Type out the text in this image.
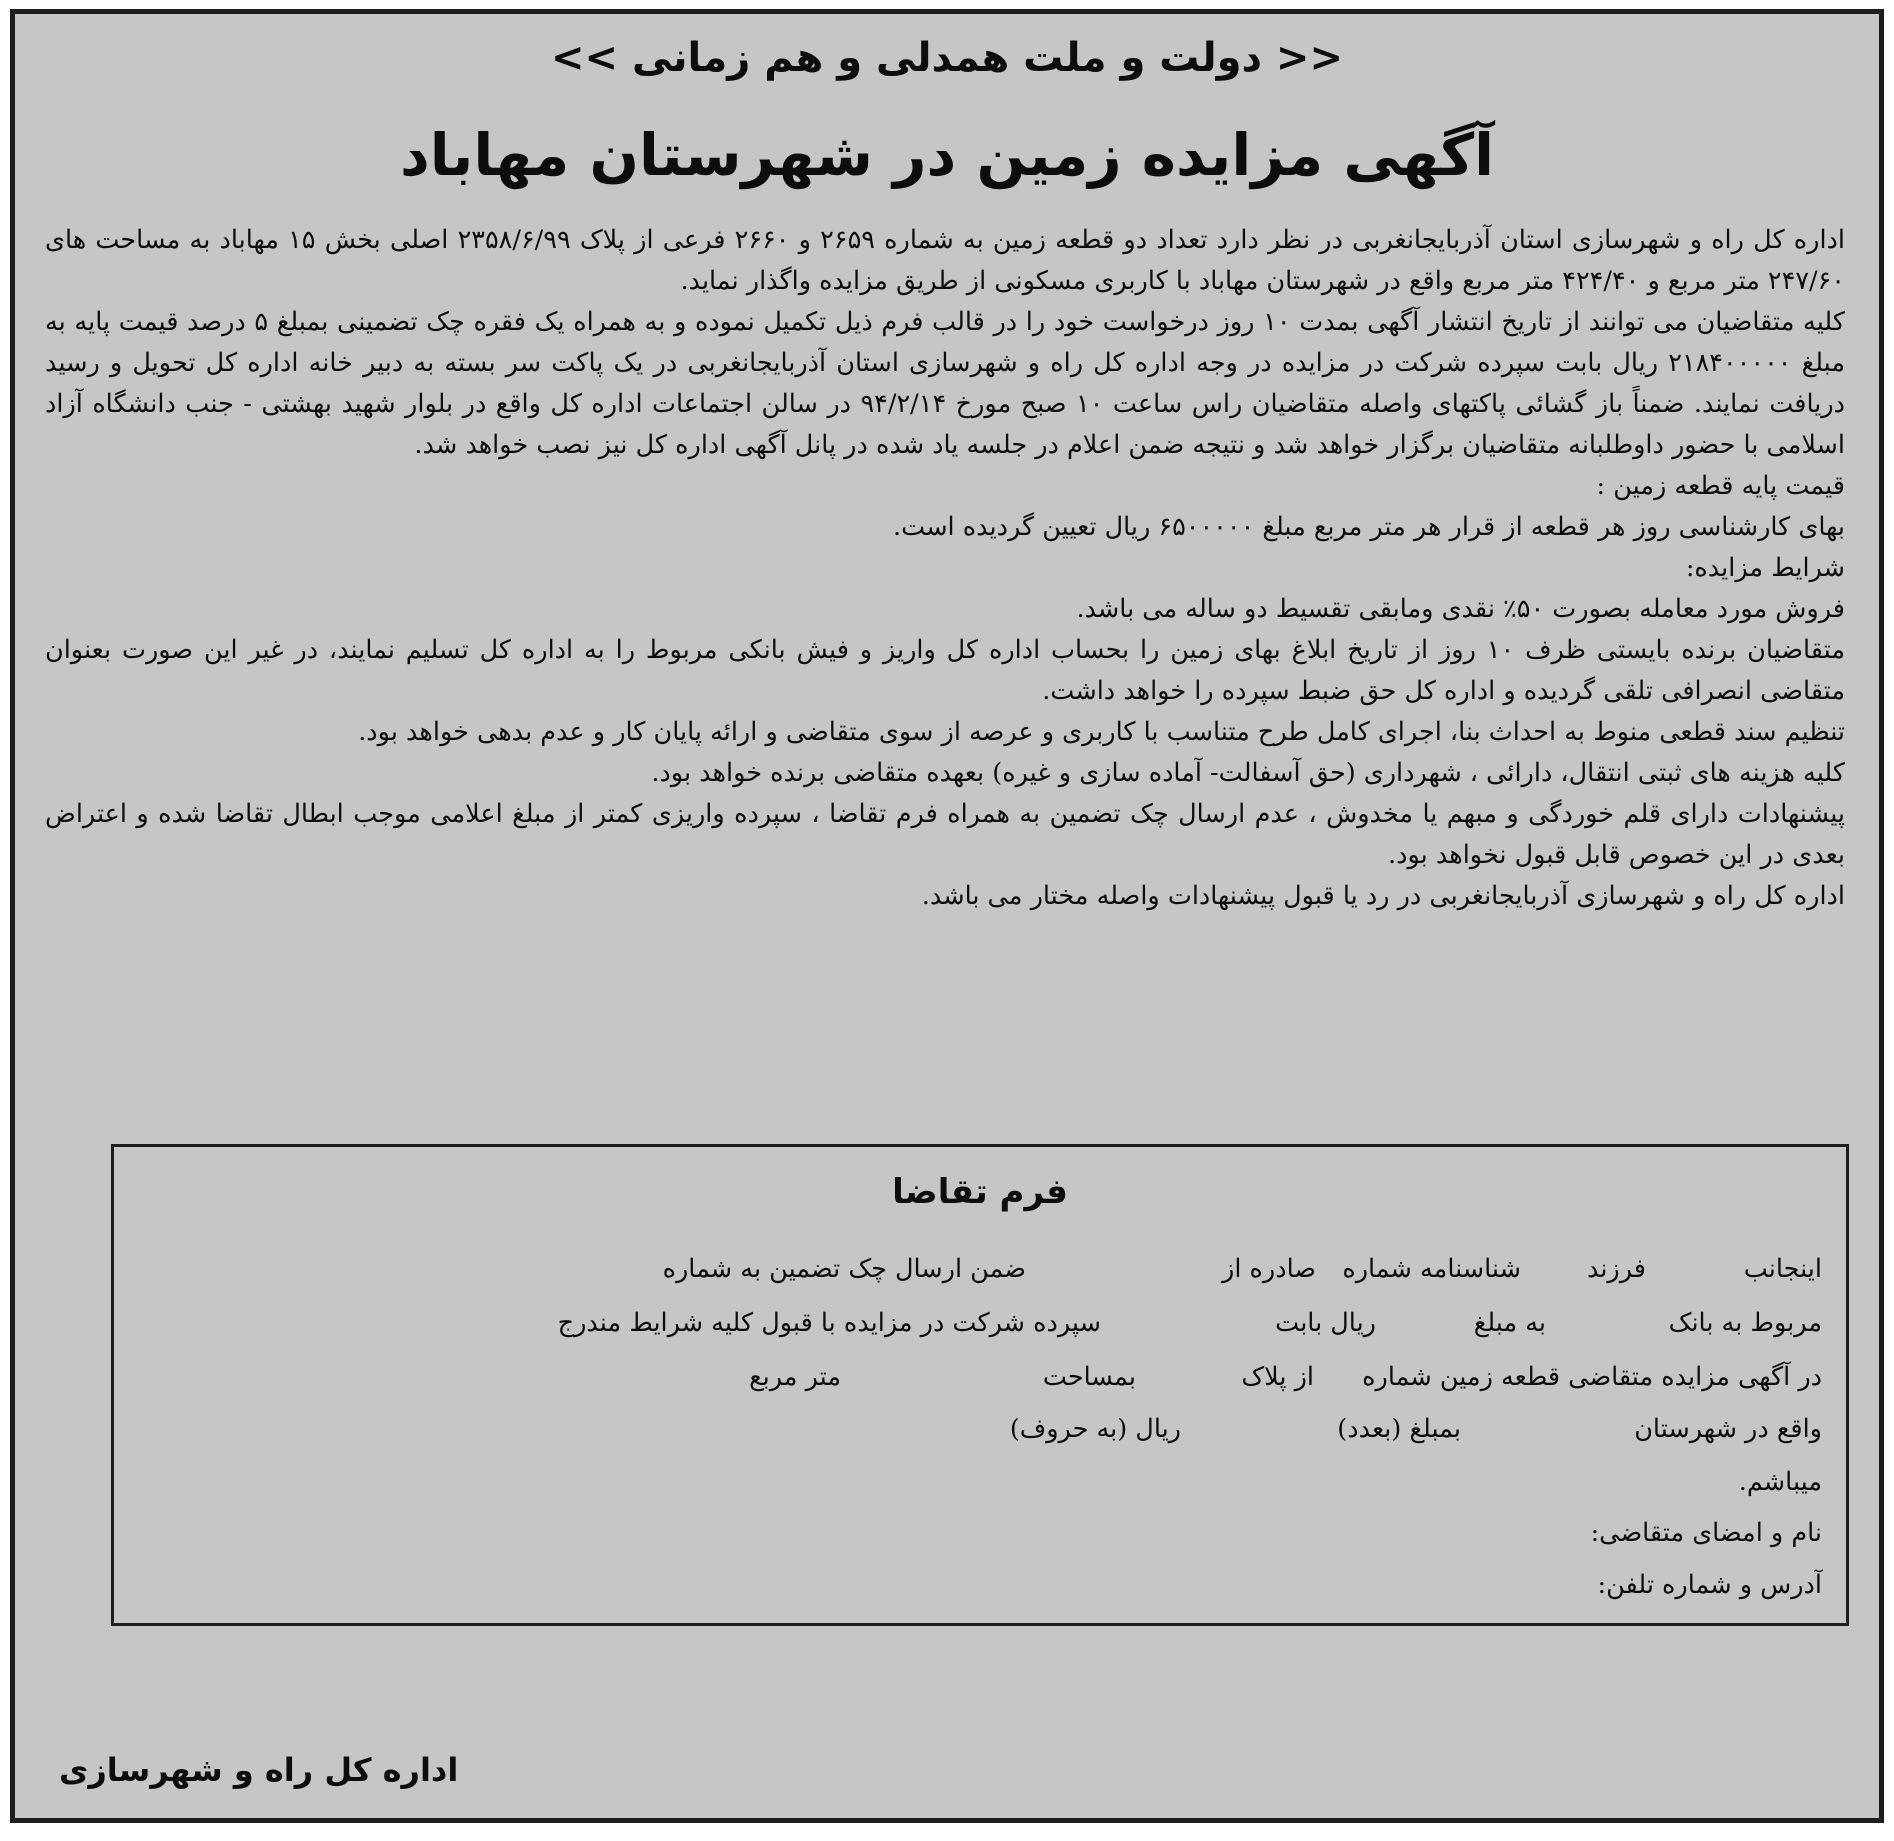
<< دولت و ملت همدلی و هم زمانی >>
آگهی مزایده زمین در شهرستان مهاباد

اداره کل راه و شهرسازی استان آذربایجانغربی در نظر دارد تعداد دو قطعه زمین به شماره ۲۶۵۹ و ۲۶۶۰ فرعی از پلاک ۲۳۵۸/۶/۹۹ اصلی بخش ۱۵ مهاباد به مساحت های ۲۴۷/۶۰ متر مربع و ۴۲۴/۴۰ متر مربع واقع در شهرستان مهاباد با کاربری مسکونی از طریق مزایده واگذار نماید.

کلیه متقاضیان می توانند از تاریخ انتشار آگهی بمدت ۱۰ روز درخواست خود را در قالب فرم ذیل تکمیل نموده و به همراه یک فقره چک تضمینی بمبلغ ۵ درصد قیمت پایه به مبلغ ۲۱۸۴۰۰۰۰۰ ریال بابت سپرده شرکت در مزایده در وجه اداره کل راه و شهرسازی استان آذربایجانغربی در یک پاکت سر بسته به دبیر خانه اداره کل تحویل و رسید دریافت نمایند. ضمناً باز گشائی پاکتهای واصله متقاضیان راس ساعت ۱۰ صبح مورخ ۹۴/۲/۱۴ در سالن اجتماعات اداره کل واقع در بلوار شهید بهشتی - جنب دانشگاه آزاد اسلامی با حضور داوطلبانه متقاضیان برگزار خواهد شد و نتیجه ضمن اعلام در جلسه یاد شده در پانل آگهی اداره کل نیز نصب خواهد شد.

قیمت پایه قطعه زمین :

بهای کارشناسی روز هر قطعه از قرار هر متر مربع مبلغ ۶۵۰۰۰۰۰ ریال تعیین گردیده است.

شرایط مزایده:

فروش مورد معامله بصورت ۵۰٪ نقدی ومابقی تقسیط دو ساله می باشد.

متقاضیان برنده بایستی ظرف ۱۰ روز از تاریخ ابلاغ بهای زمین را بحساب اداره کل واریز و فیش بانکی مربوط را به اداره کل تسلیم نمایند، در غیر این صورت بعنوان متقاضی انصرافی تلقی گردیده و اداره کل حق ضبط سپرده را خواهد داشت.

تنظیم سند قطعی منوط به احداث بنا، اجرای کامل طرح متناسب با کاربری و عرصه از سوی متقاضی و ارائه پایان کار و عدم بدهی خواهد بود.

کلیه هزینه های ثبتی انتقال، دارائی ، شهرداری (حق آسفالت- آماده سازی و غیره) بعهده متقاضی برنده خواهد بود.

پیشنهادات دارای قلم خوردگی و مبهم یا مخدوش ، عدم ارسال چک تضمین به همراه فرم تقاضا ، سپرده واریزی کمتر از مبلغ اعلامی موجب ابطال تقاضا شده و اعتراض بعدی در این خصوص قابل قبول نخواهد بود.

اداره کل راه و شهرسازی آذربایجانغربی در رد یا قبول پیشنهادات واصله مختار می باشد.

فرم تقاضا
اینجانب
فرزند
شناسنامه شماره
صادره از
ضمن ارسال چک تضمین به شماره
مربوط به بانک
به مبلغ
ریال بابت
سپرده شرکت در مزایده با قبول کلیه شرایط مندرج
در آگهی مزایده متقاضی قطعه زمین شماره
از پلاک
بمساحت
متر مربع
واقع در شهرستان
بمبلغ (بعدد)
ریال (به حروف)
میباشم.
نام و امضای متقاضی:
آدرس و شماره تلفن:
اداره کل راه و شهرسازی
